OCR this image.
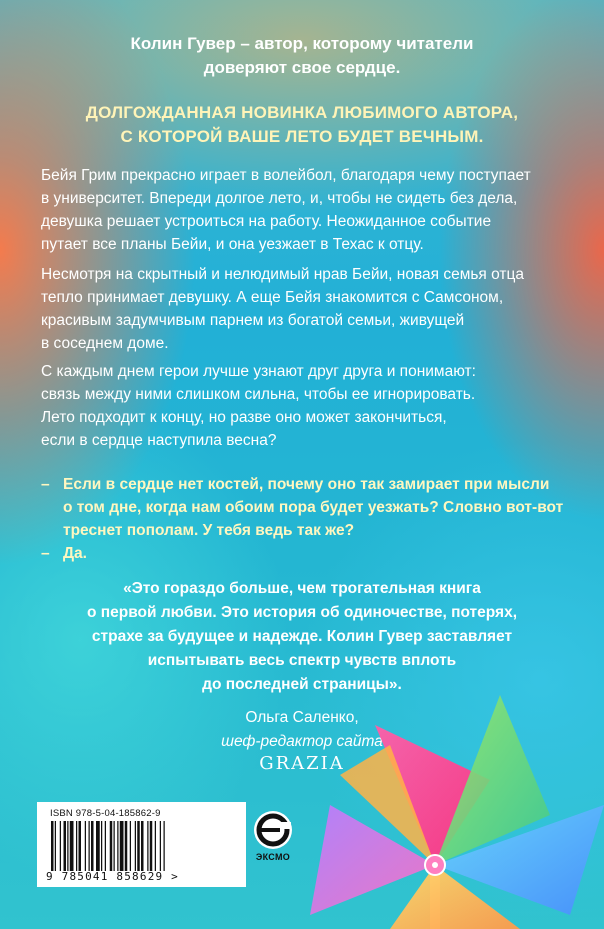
Колин Гувер – автор, которому читатели
доверяют свое сердце.
ДОЛГОЖДАННАЯ НОВИНКА ЛЮБИМОГО АВТОРА,
С КОТОРОЙ ВАШЕ ЛЕТО БУДЕТ ВЕЧНЫМ.
Бейя Грим прекрасно играет в волейбол, благодаря чему поступает
в университет. Впереди долгое лето, и, чтобы не сидеть без дела,
девушка решает устроиться на работу. Неожиданное событие
путает все планы Бейи, и она уезжает в Техас к отцу.
Несмотря на скрытный и нелюдимый нрав Бейи, новая семья отца
тепло принимает девушку. А еще Бейя знакомится с Самсоном,
красивым задумчивым парнем из богатой семьи, живущей
в соседнем доме.
С каждым днем герои лучше узнают друг друга и понимают:
связь между ними слишком сильна, чтобы ее игнорировать.
Лето подходит к концу, но разве оно может закончиться,
если в сердце наступила весна?
– Если в сердце нет костей, почему оно так замирает при мысли
о том дне, когда нам обоим пора будет уезжать? Словно вот-вот
треснет пополам. У тебя ведь так же?
– Да.
«Это гораздо больше, чем трогательная книга
о первой любви. Это история об одиночестве, потерях,
страхе за будущее и надежде. Колин Гувер заставляет
испытывать весь спектр чувств вплоть
до последней страницы».
Ольга Саленко,
шеф-редактор сайта
GRAZIA
ISBN 978-5-04-185862-9
9 785041 858629 >
ЭКСМО
